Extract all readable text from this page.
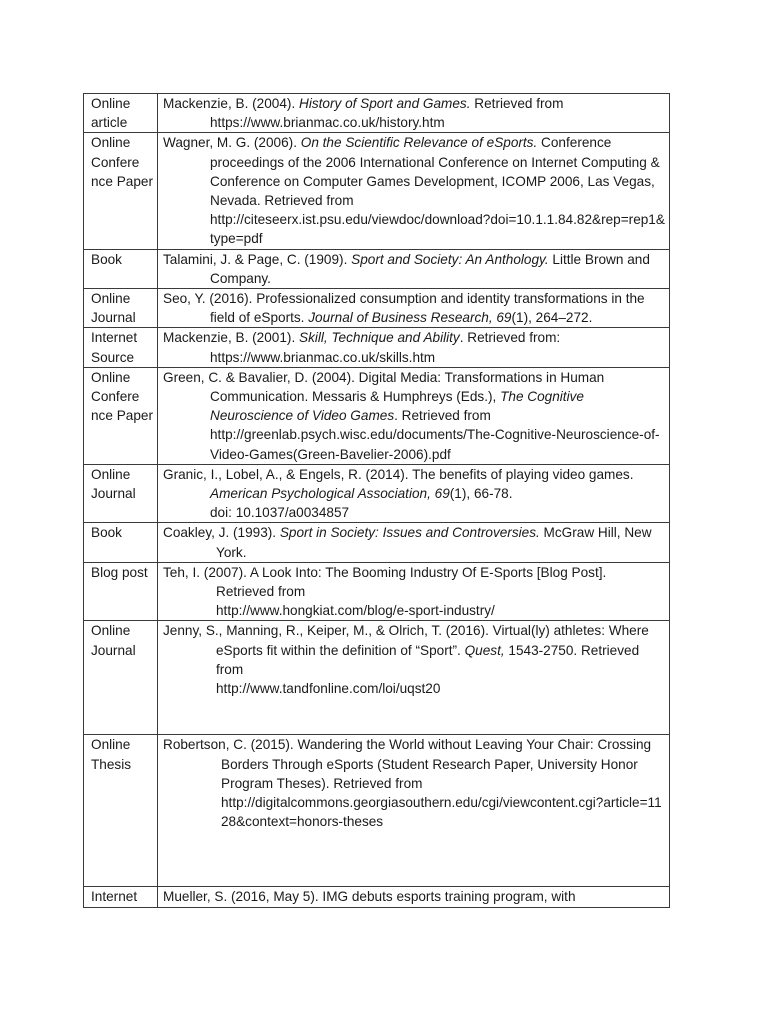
Online article	Mackenzie, B. (2004). History of Sport and Games. Retrieved from
https://www.brianmac.co.uk/history.htm

Online Confere nce Paper	Wagner, M. G. (2006). On the Scientific Relevance of eSports. Conference proceedings of the 2006 International Conference on Internet Computing & Conference on Computer Games Development, ICOMP 2006, Las Vegas, Nevada. Retrieved from
http://citeseerx.ist.psu.edu/viewdoc/download?doi=10.1.1.84.82&rep=rep1&type=pdf

Book	Talamini, J. & Page, C. (1909). Sport and Society: An Anthology. Little Brown and Company.

Online Journal	Seo, Y. (2016). Professionalized consumption and identity transformations in the field of eSports. Journal of Business Research, 69(1), 264–272.

Internet Source	Mackenzie, B. (2001). Skill, Technique and Ability. Retrieved from:
https://www.brianmac.co.uk/skills.htm

Online Confere nce Paper	Green, C. & Bavalier, D. (2004). Digital Media: Transformations in Human Communication. Messaris & Humphreys (Eds.), The Cognitive Neuroscience of Video Games. Retrieved from
http://greenlab.psych.wisc.edu/documents/The-Cognitive-Neuroscience-of-Video-Games(Green-Bavelier-2006).pdf

Online Journal	Granic, I., Lobel, A., & Engels, R. (2014). The benefits of playing video games. American Psychological Association, 69(1), 66-78.
doi: 10.1037/a0034857

Book	Coakley, J. (1993). Sport in Society: Issues and Controversies. McGraw Hill, New York.

Blog post	Teh, I. (2007). A Look Into: The Booming Industry Of E-Sports [Blog Post]. Retrieved from
http://www.hongkiat.com/blog/e-sport-industry/

Online Journal	Jenny, S., Manning, R., Keiper, M., & Olrich, T. (2016). Virtual(ly) athletes: Where eSports fit within the definition of “Sport”. Quest, 1543-2750. Retrieved from
http://www.tandfonline.com/loi/uqst20

Online Thesis	Robertson, C. (2015). Wandering the World without Leaving Your Chair: Crossing Borders Through eSports (Student Research Paper, University Honor Program Theses). Retrieved from
http://digitalcommons.georgiasouthern.edu/cgi/viewcontent.cgi?article=1128&context=honors-theses

Internet	Mueller, S. (2016, May 5). IMG debuts esports training program, with
